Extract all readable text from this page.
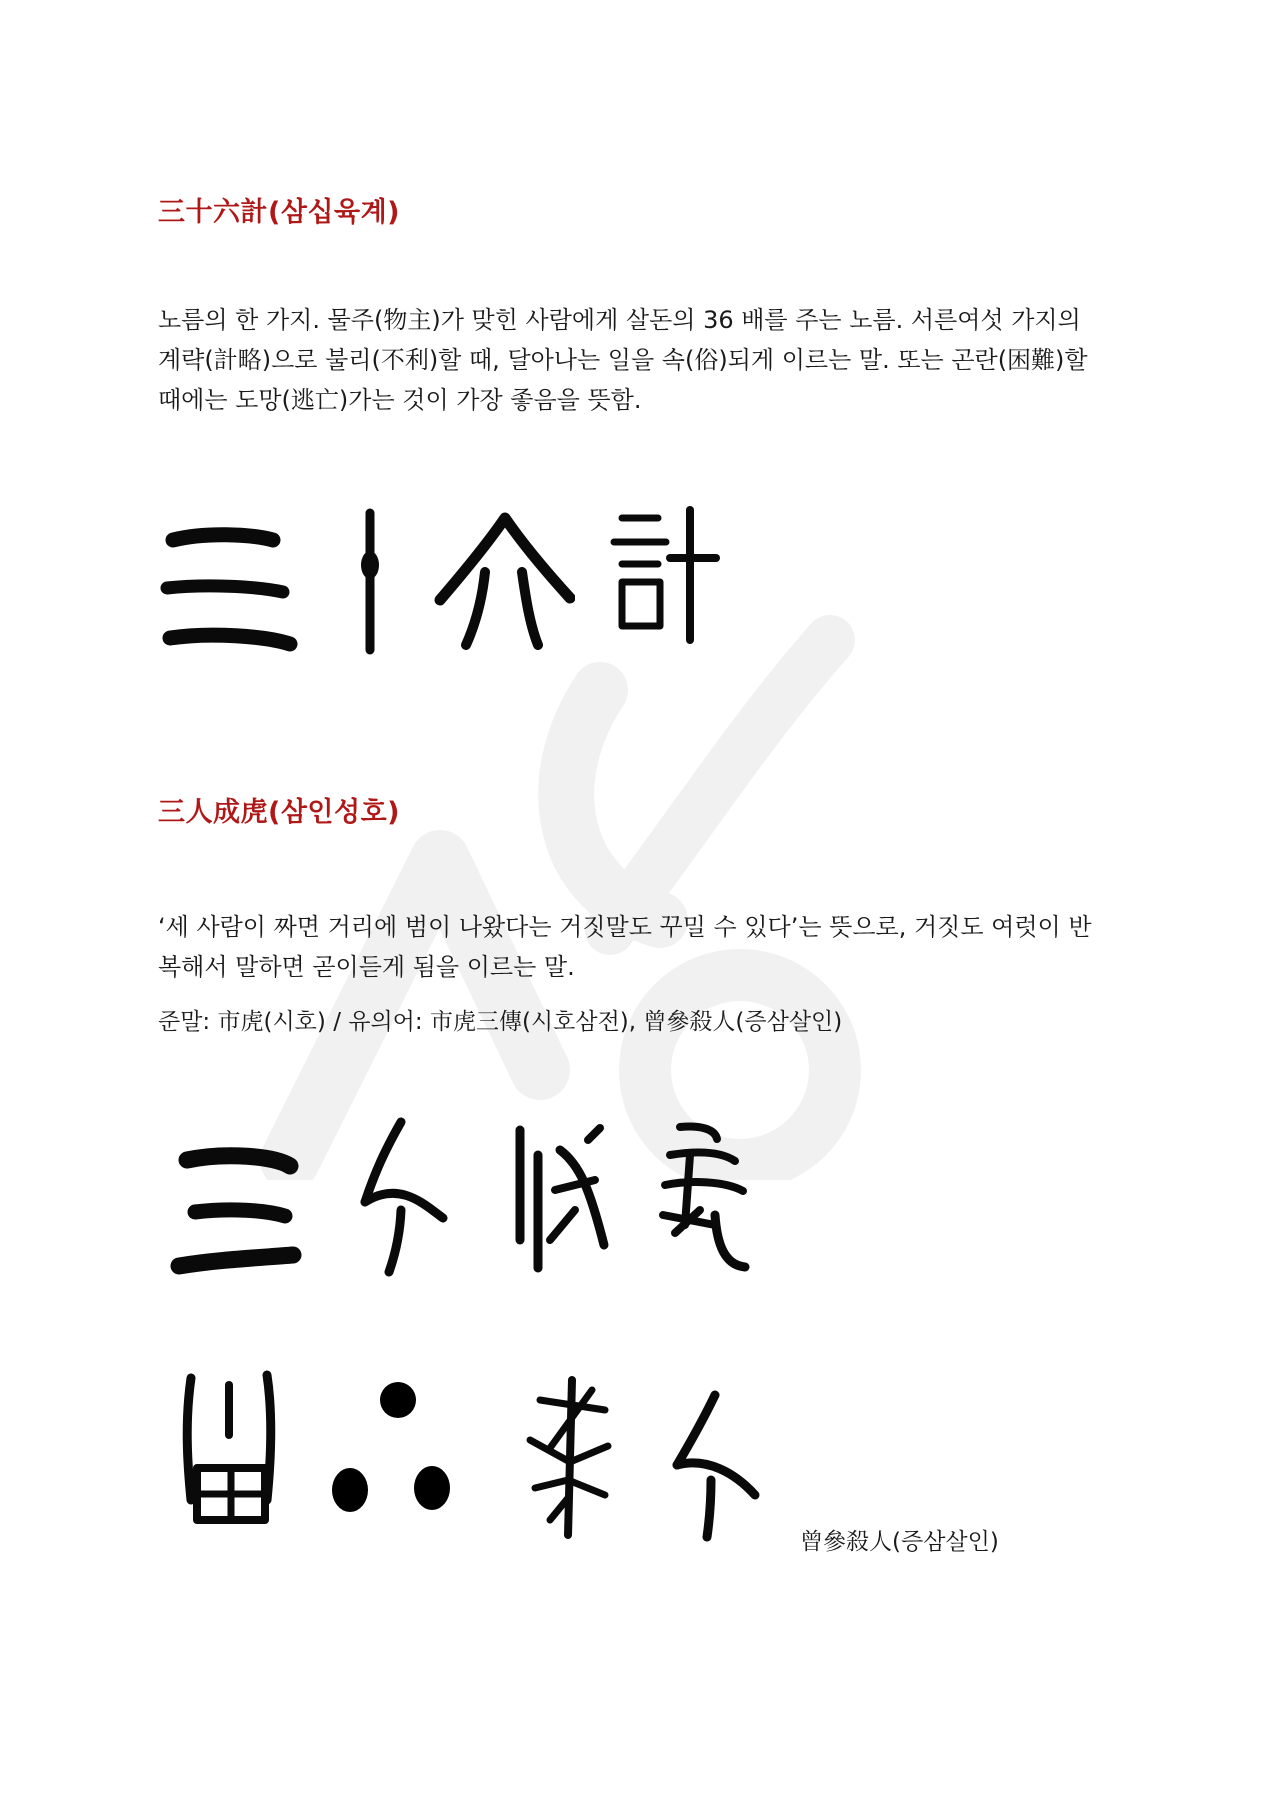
三十六計(삼십육계)

노름의 한 가지. 물주(物主)가 맞힌 사람에게 살돈의 36 배를 주는 노름. 서른여섯 가지의 계략(計略)으로 불리(不利)할 때, 달아나는 일을 속(俗)되게 이르는 말. 또는 곤란(困難)할 때에는 도망(逃亡)가는 것이 가장 좋음을 뜻함.

三人成虎(삼인성호)

‘세 사람이 짜면 거리에 범이 나왔다는 거짓말도 꾸밀 수 있다’는 뜻으로, 거짓도 여럿이 반복해서 말하면 곧이듣게 됨을 이르는 말.

준말: 市虎(시호) / 유의어: 市虎三傳(시호삼전), 曾參殺人(증삼살인)

曾參殺人(증삼살인)
